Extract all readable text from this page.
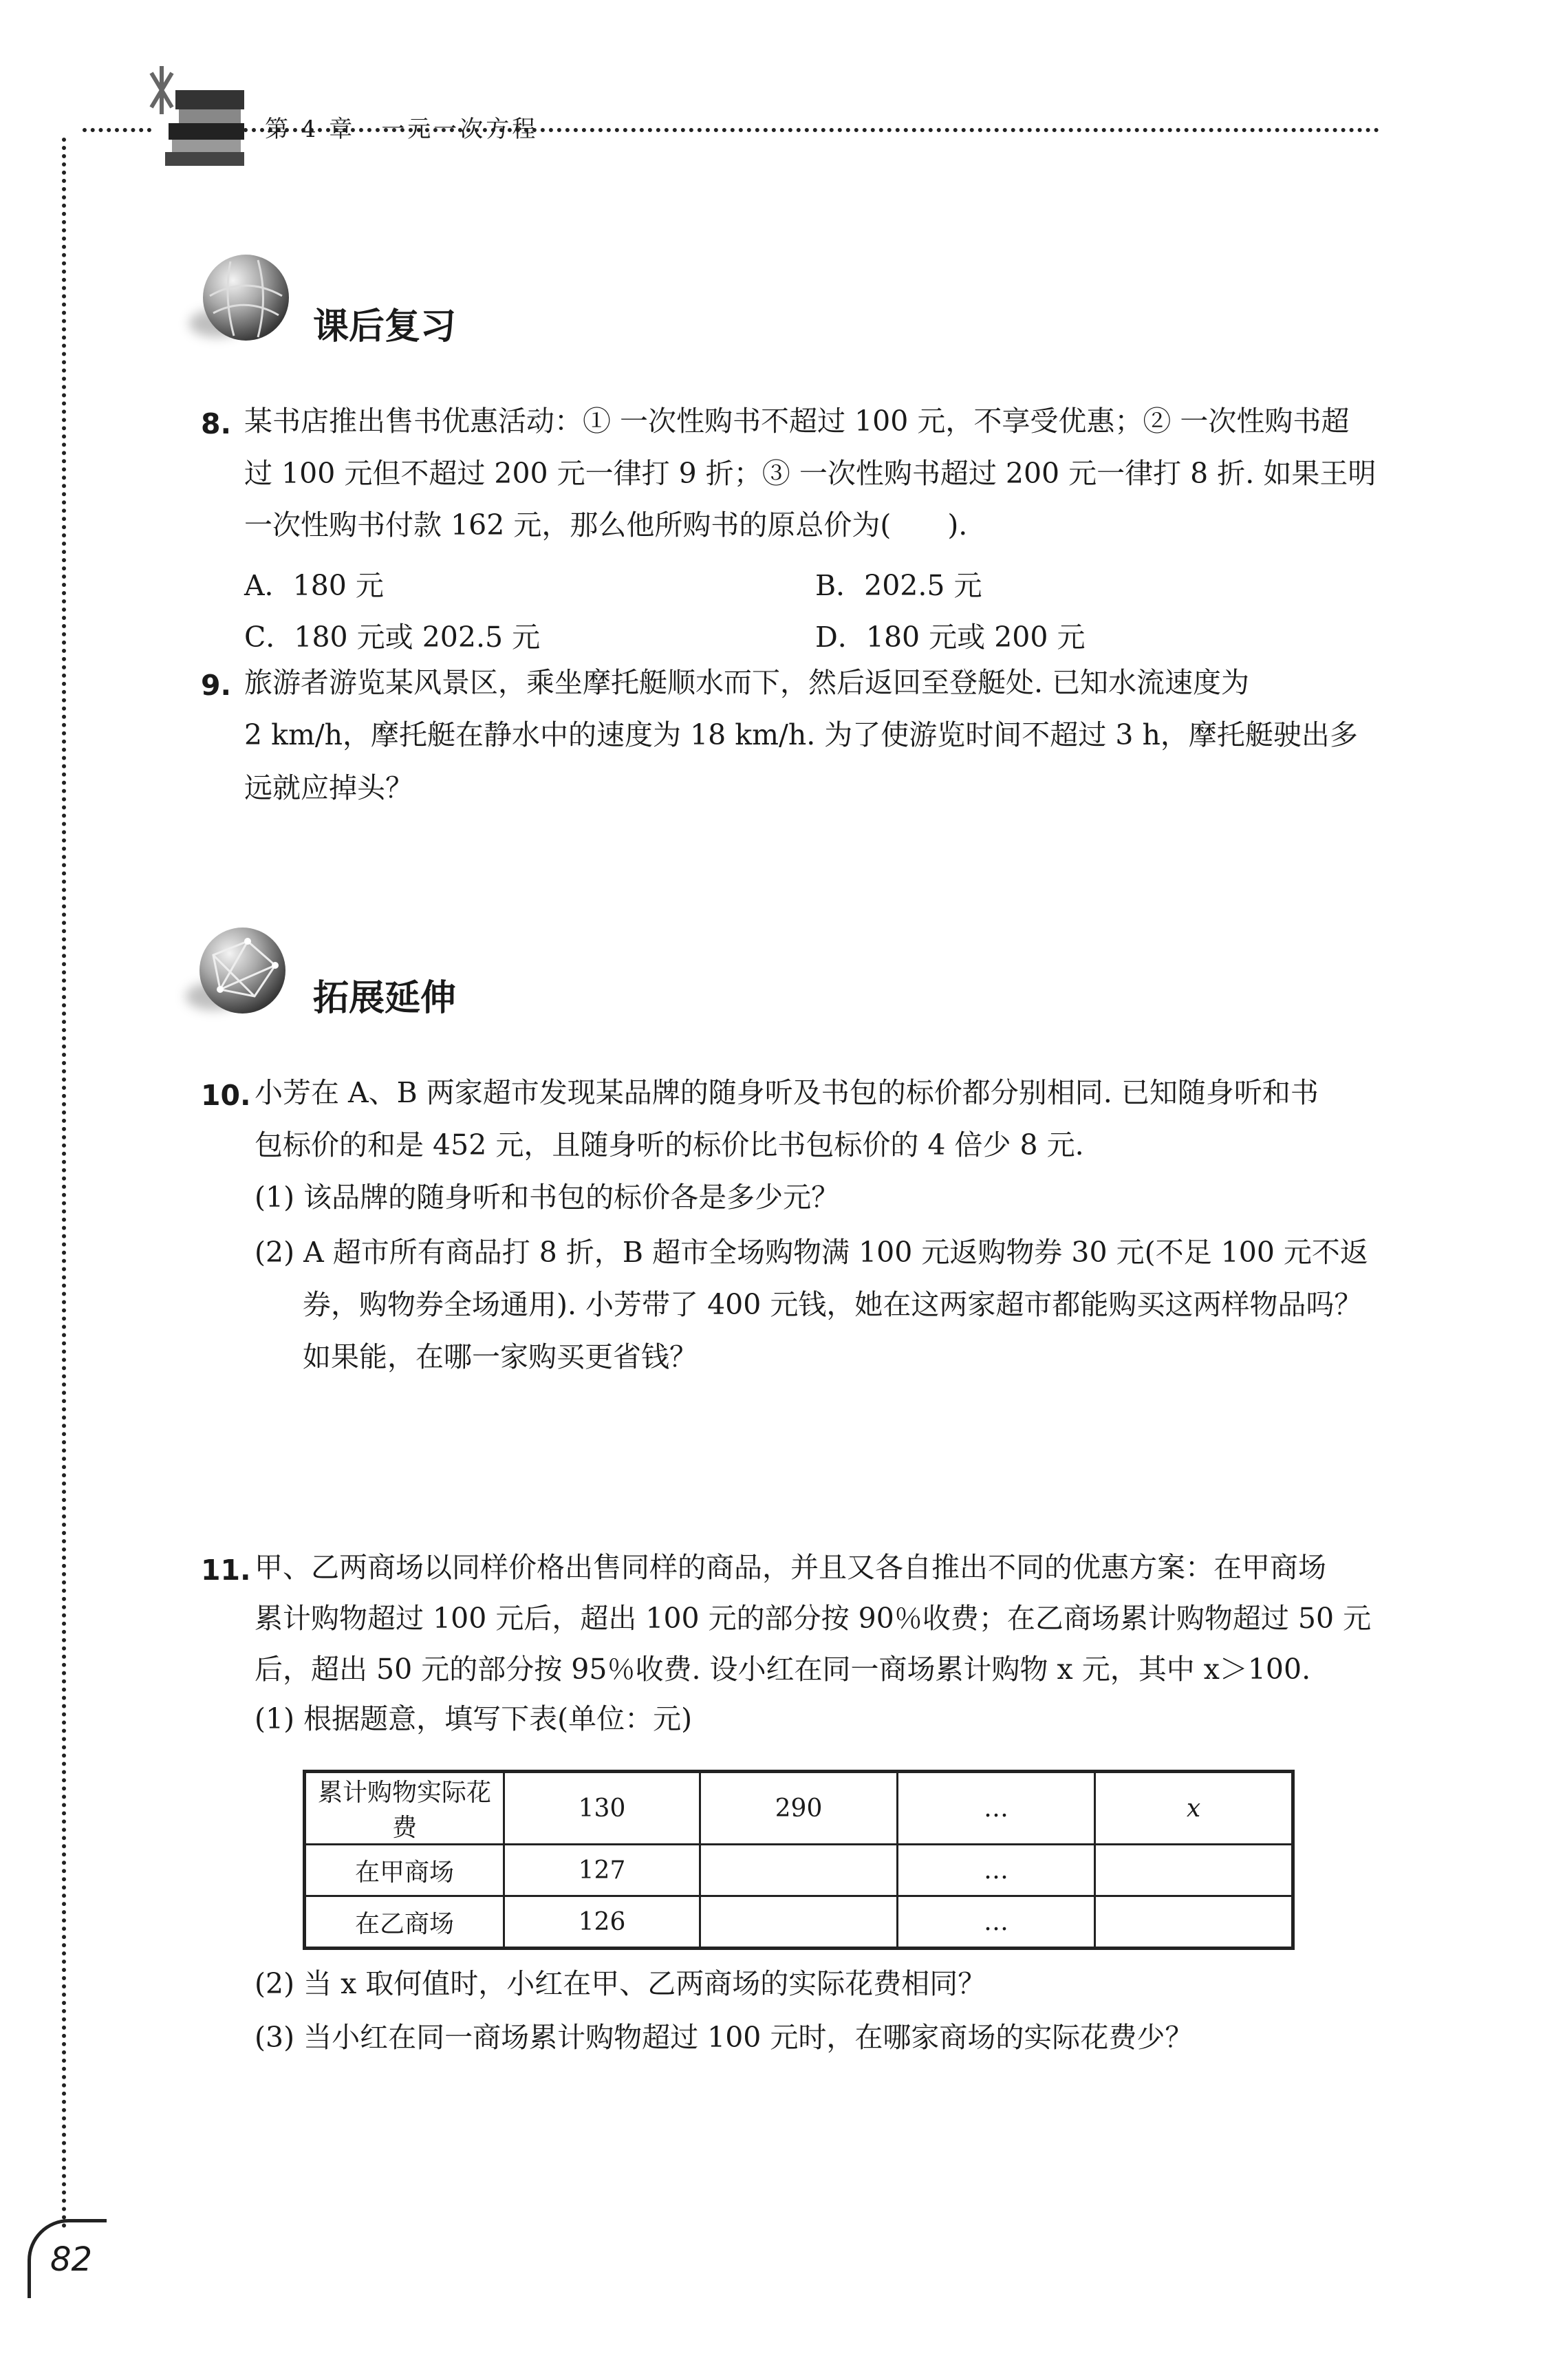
第 4 章　一元一次方程
课后复习
8. 某书店推出售书优惠活动：① 一次性购书不超过 100 元，不享受优惠；② 一次性购书超
过 100 元但不超过 200 元一律打 9 折；③ 一次性购书超过 200 元一律打 8 折. 如果王明
一次性购书付款 162 元，那么他所购书的原总价为(　　).
A．180 元	B．202.5 元
C．180 元或 202.5 元	D．180 元或 200 元
9. 旅游者游览某风景区，乘坐摩托艇顺水而下，然后返回至登艇处. 已知水流速度为
2 km/h，摩托艇在静水中的速度为 18 km/h. 为了使游览时间不超过 3 h，摩托艇驶出多
远就应掉头？
拓展延伸
10. 小芳在 A、B 两家超市发现某品牌的随身听及书包的标价都分别相同. 已知随身听和书
包标价的和是 452 元，且随身听的标价比书包标价的 4 倍少 8 元.
(1) 该品牌的随身听和书包的标价各是多少元？
(2) A 超市所有商品打 8 折，B 超市全场购物满 100 元返购物券 30 元(不足 100 元不返
券，购物券全场通用). 小芳带了 400 元钱，她在这两家超市都能购买这两样物品吗？
如果能，在哪一家购买更省钱？
11. 甲、乙两商场以同样价格出售同样的商品，并且又各自推出不同的优惠方案：在甲商场
累计购物超过 100 元后，超出 100 元的部分按 90％收费；在乙商场累计购物超过 50 元
后，超出 50 元的部分按 95％收费. 设小红在同一商场累计购物 x 元，其中 x＞100.
(1) 根据题意，填写下表(单位：元)
累计购物实际花费	130	290	…	x
在甲商场	127		…	
在乙商场	126		…	
(2) 当 x 取何值时，小红在甲、乙两商场的实际花费相同？
(3) 当小红在同一商场累计购物超过 100 元时，在哪家商场的实际花费少？
82
